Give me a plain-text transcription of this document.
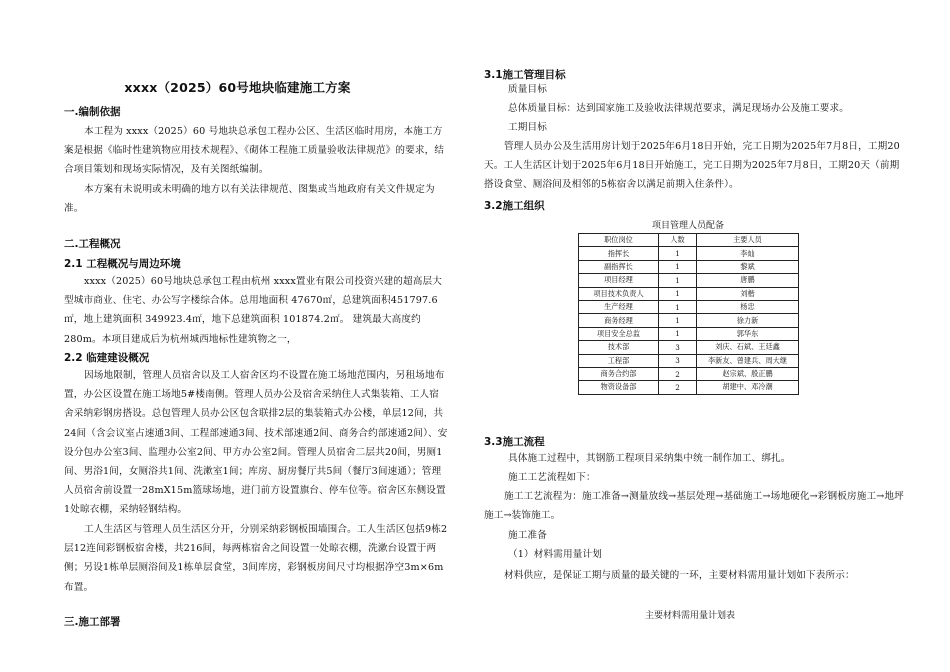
xxxx（2025）60号地块临建施工方案
一.编制依据
本工程为 xxxx（2025）60 号地块总承包工程办公区、生活区临时用房，本施工方案是根据《临时性建筑物应用技术规程》、《砌体工程施工质量验收法律规范》的要求，结合项目策划和现场实际情况，及有关图纸编制。
本方案有未说明或未明确的地方以有关法律规范、图集或当地政府有关文件规定为准。
二.工程概况
2.1 工程概况与周边环境
xxxx（2025）60号地块总承包工程由杭州 xxxx置业有限公司投资兴建的超高层大型城市商业、住宅、办公写字楼综合体。总用地面积 47670㎡，总建筑面积451797.6㎡，地上建筑面积 349923.4㎡，地下总建筑面积 101874.2㎡。 建筑最大高度约280m。本项目建成后为杭州城西地标性建筑物之一，
2.2 临建建设概况
因场地限制，管理人员宿舍以及工人宿舍区均不设置在施工场地范围内，另租场地布置，办公区设置在施工场地5#楼南侧。管理人员办公及宿舍采纳住人式集装箱、工人宿舍采纳彩钢房搭设。总包管理人员办公区包含联排2层的集装箱式办公楼，单层12间，共24间（含会议室占速通3间、工程部速通3间、技术部速通2间、商务合约部速通2间）、安设分包办公室3间、监理办公室2间、甲方办公室2间。管理人员宿舍二层共20间，男厕1间、男浴1间，女厕浴共1间、洗漱室1间；库房、厨房餐厅共5间（餐厅3间速通）；管理人员宿舍前设置一28mX15m篮球场地，进门前方设置旗台、停车位等。宿舍区东侧设置1处晾衣棚，采纳轻钢结构。
工人生活区与管理人员生活区分开，分别采纳彩钢板围墙围合。工人生活区包括9栋2层12连间彩钢板宿舍楼，共216间，每两栋宿舍之间设置一处晾衣棚，洗漱台设置于两侧；另设1栋单层厕浴间及1栋单层食堂，3间库房，彩钢板房间尺寸均根据净空3m×6m布置。
三.施工部署
3.1施工管理目标
质量目标
总体质量目标：达到国家施工及验收法律规范要求，满足现场办公及施工要求。
工期目标
管理人员办公及生活用房计划于2025年6月18日开始，完工日期为2025年7月8日，工期20天。工人生活区计划于2025年6月18日开始施工，完工日期为2025年7月8日，工期20天（前期搭设食堂、厕浴间及相邻的5栋宿舍以满足前期入住条件）。
3.2施工组织
项目管理人员配备
职位岗位	人数	主要人员
指挥长	1	李灿
副指挥长	1	黎斌
项目经理	1	唐鹏
项目技术负责人	1	刘楷
生产经理	1	杨忠
商务经理	1	徐力新
项目安全总监	1	郭华东
技术部	3	刘庆、石斌、王廷鑫
工程部	3	李新友、曾建兵、周大继
商务合约部	2	赵宗斌、殷正鹏
物资设备部	2	胡建中、邓冷潮
3.3施工流程
具体施工过程中，其钢筋工程项目采纳集中统一制作加工、绑扎。
施工工艺流程如下：
施工工艺流程为：施工准备→测量放线→基层处理→基础施工→场地硬化→彩钢板房施工→地坪施工→装饰施工。
施工准备
（1）材料需用量计划
材料供应，是保证工期与质量的最关键的一环，主要材料需用量计划如下表所示：
主要材料需用量计划表
